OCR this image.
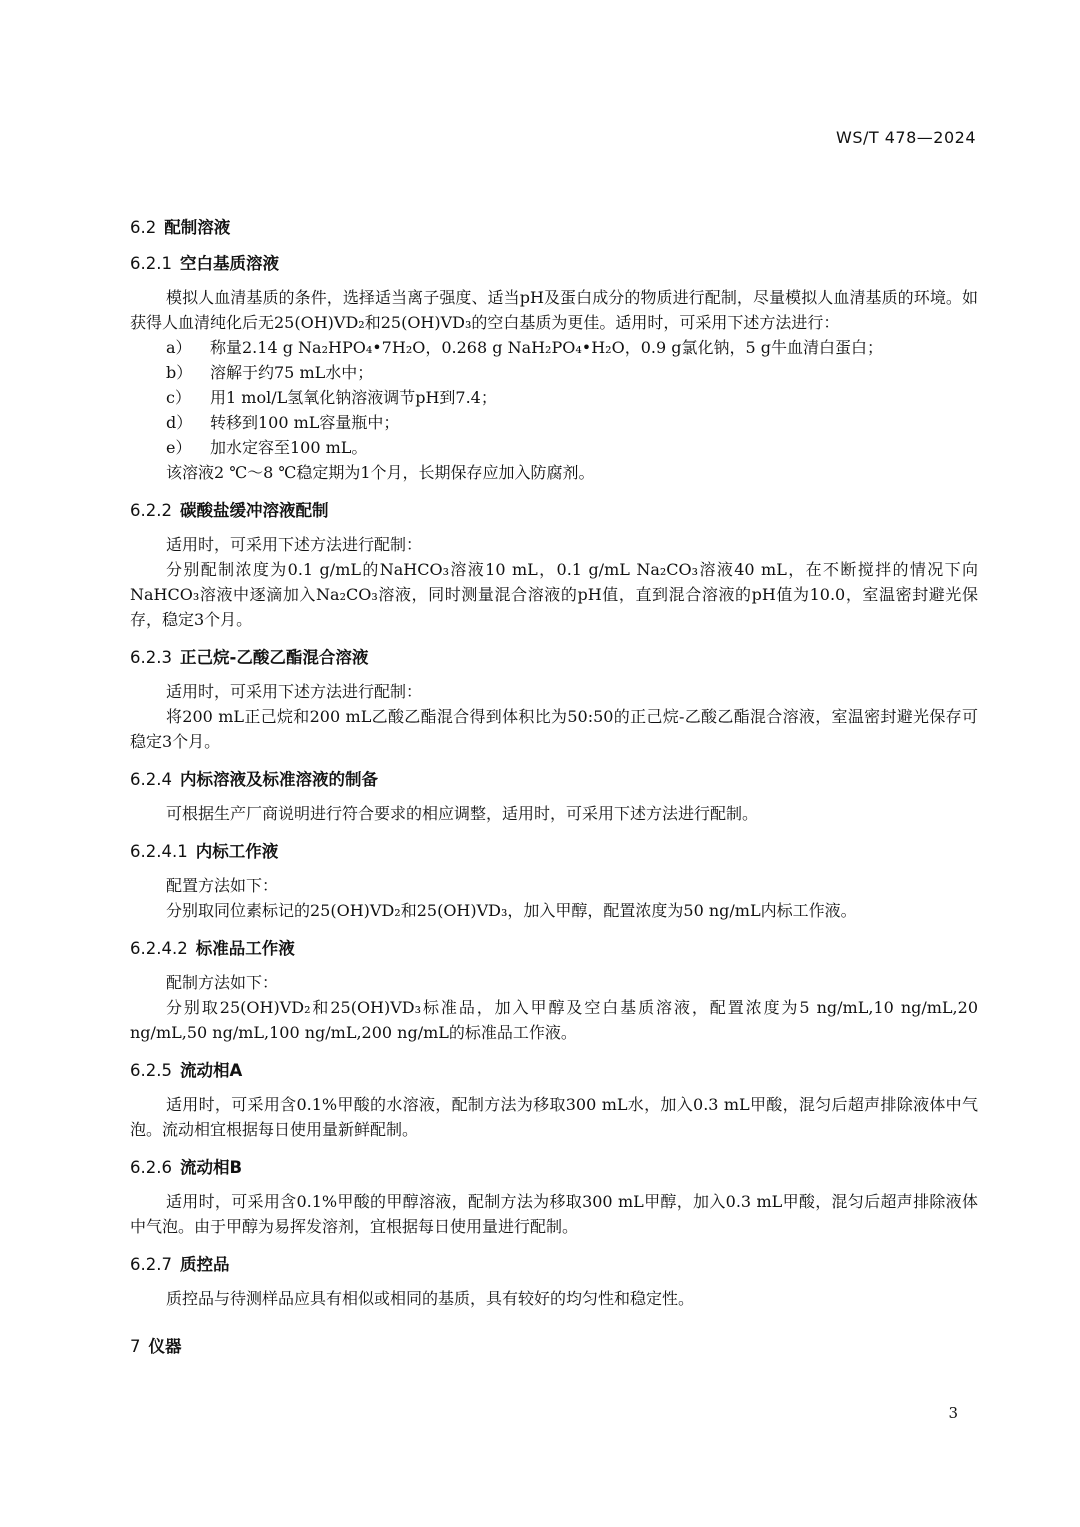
WS/T 478—2024
6.2 配制溶液
6.2.1 空白基质溶液

模拟人血清基质的条件，选择适当离子强度、适当pH及蛋白成分的物质进行配制，尽量模拟人血清基质的环境。如获得人血清纯化后无25(OH)VD₂和25(OH)VD₃的空白基质为更佳。适用时，可采用下述方法进行：

a） 称量2.14 g Na₂HPO₄•7H₂O，0.268 g NaH₂PO₄•H₂O，0.9 g氯化钠，5 g牛血清白蛋白；

b） 溶解于约75 mL水中；

c） 用1 mol/L氢氧化钠溶液调节pH到7.4；

d） 转移到100 mL容量瓶中；

e） 加水定容至100 mL。

该溶液2 ℃～8 ℃稳定期为1个月，长期保存应加入防腐剂。

6.2.2 碳酸盐缓冲溶液配制

适用时，可采用下述方法进行配制：

分别配制浓度为0.1 g/mL的NaHCO₃溶液10 mL，0.1 g/mL Na₂CO₃溶液40 mL，在不断搅拌的情况下向NaHCO₃溶液中逐滴加入Na₂CO₃溶液，同时测量混合溶液的pH值，直到混合溶液的pH值为10.0，室温密封避光保存，稳定3个月。

6.2.3 正己烷-乙酸乙酯混合溶液

适用时，可采用下述方法进行配制：

将200 mL正己烷和200 mL乙酸乙酯混合得到体积比为50:50的正己烷-乙酸乙酯混合溶液，室温密封避光保存可稳定3个月。

6.2.4 内标溶液及标准溶液的制备

可根据生产厂商说明进行符合要求的相应调整，适用时，可采用下述方法进行配制。

6.2.4.1 内标工作液

配置方法如下：

分别取同位素标记的25(OH)VD₂和25(OH)VD₃，加入甲醇，配置浓度为50 ng/mL内标工作液。

6.2.4.2 标准品工作液

配制方法如下：

分别取25(OH)VD₂和25(OH)VD₃标准品，加入甲醇及空白基质溶液，配置浓度为5 ng/mL,10 ng/mL,20 ng/mL,50 ng/mL,100 ng/mL,200 ng/mL的标准品工作液。

6.2.5 流动相A

适用时，可采用含0.1%甲酸的水溶液，配制方法为移取300 mL水，加入0.3 mL甲酸，混匀后超声排除液体中气泡。流动相宜根据每日使用量新鲜配制。

6.2.6 流动相B

适用时，可采用含0.1%甲酸的甲醇溶液，配制方法为移取300 mL甲醇，加入0.3 mL甲酸，混匀后超声排除液体中气泡。由于甲醇为易挥发溶剂，宜根据每日使用量进行配制。

6.2.7 质控品

质控品与待测样品应具有相似或相同的基质，具有较好的均匀性和稳定性。

7 仪器
3
